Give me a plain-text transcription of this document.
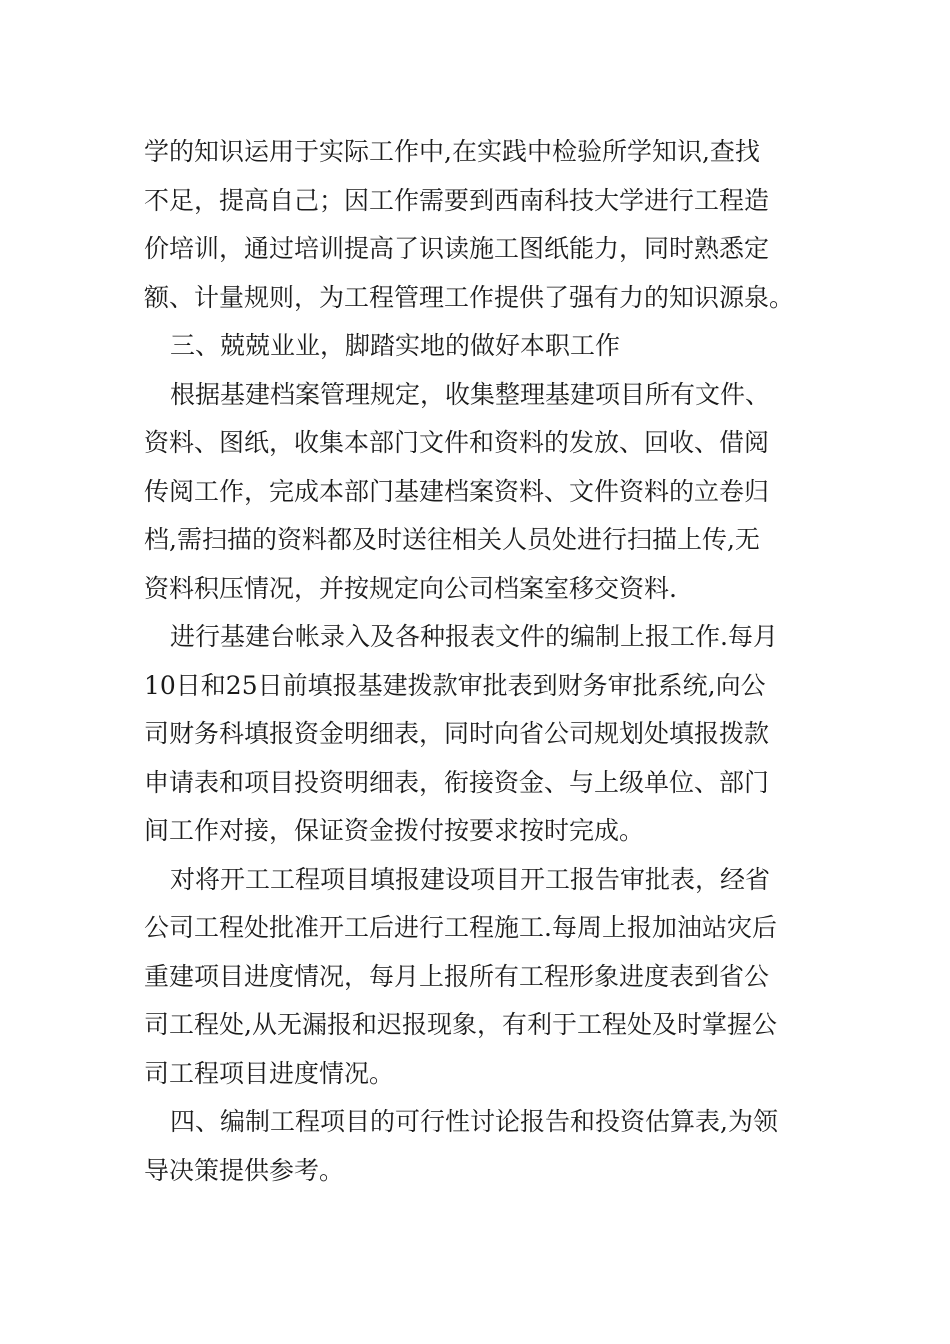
学的知识运用于实际工作中,在实践中检验所学知识,查找
不足，提高自己；因工作需要到西南科技大学进行工程造
价培训，通过培训提高了识读施工图纸能力，同时熟悉定
额、计量规则，为工程管理工作提供了强有力的知识源泉。
三、兢兢业业，脚踏实地的做好本职工作
根据基建档案管理规定，收集整理基建项目所有文件、
资料、图纸，收集本部门文件和资料的发放、回收、借阅
传阅工作，完成本部门基建档案资料、文件资料的立卷归
档,需扫描的资料都及时送往相关人员处进行扫描上传,无
资料积压情况，并按规定向公司档案室移交资料.
进行基建台帐录入及各种报表文件的编制上报工作.每月
10日和25日前填报基建拨款审批表到财务审批系统,向公
司财务科填报资金明细表，同时向省公司规划处填报拨款
申请表和项目投资明细表，衔接资金、与上级单位、部门
间工作对接，保证资金拨付按要求按时完成。
对将开工工程项目填报建设项目开工报告审批表，经省
公司工程处批准开工后进行工程施工.每周上报加油站灾后
重建项目进度情况，每月上报所有工程形象进度表到省公
司工程处,从无漏报和迟报现象，有利于工程处及时掌握公
司工程项目进度情况。
四、编制工程项目的可行性讨论报告和投资估算表,为领
导决策提供参考。
